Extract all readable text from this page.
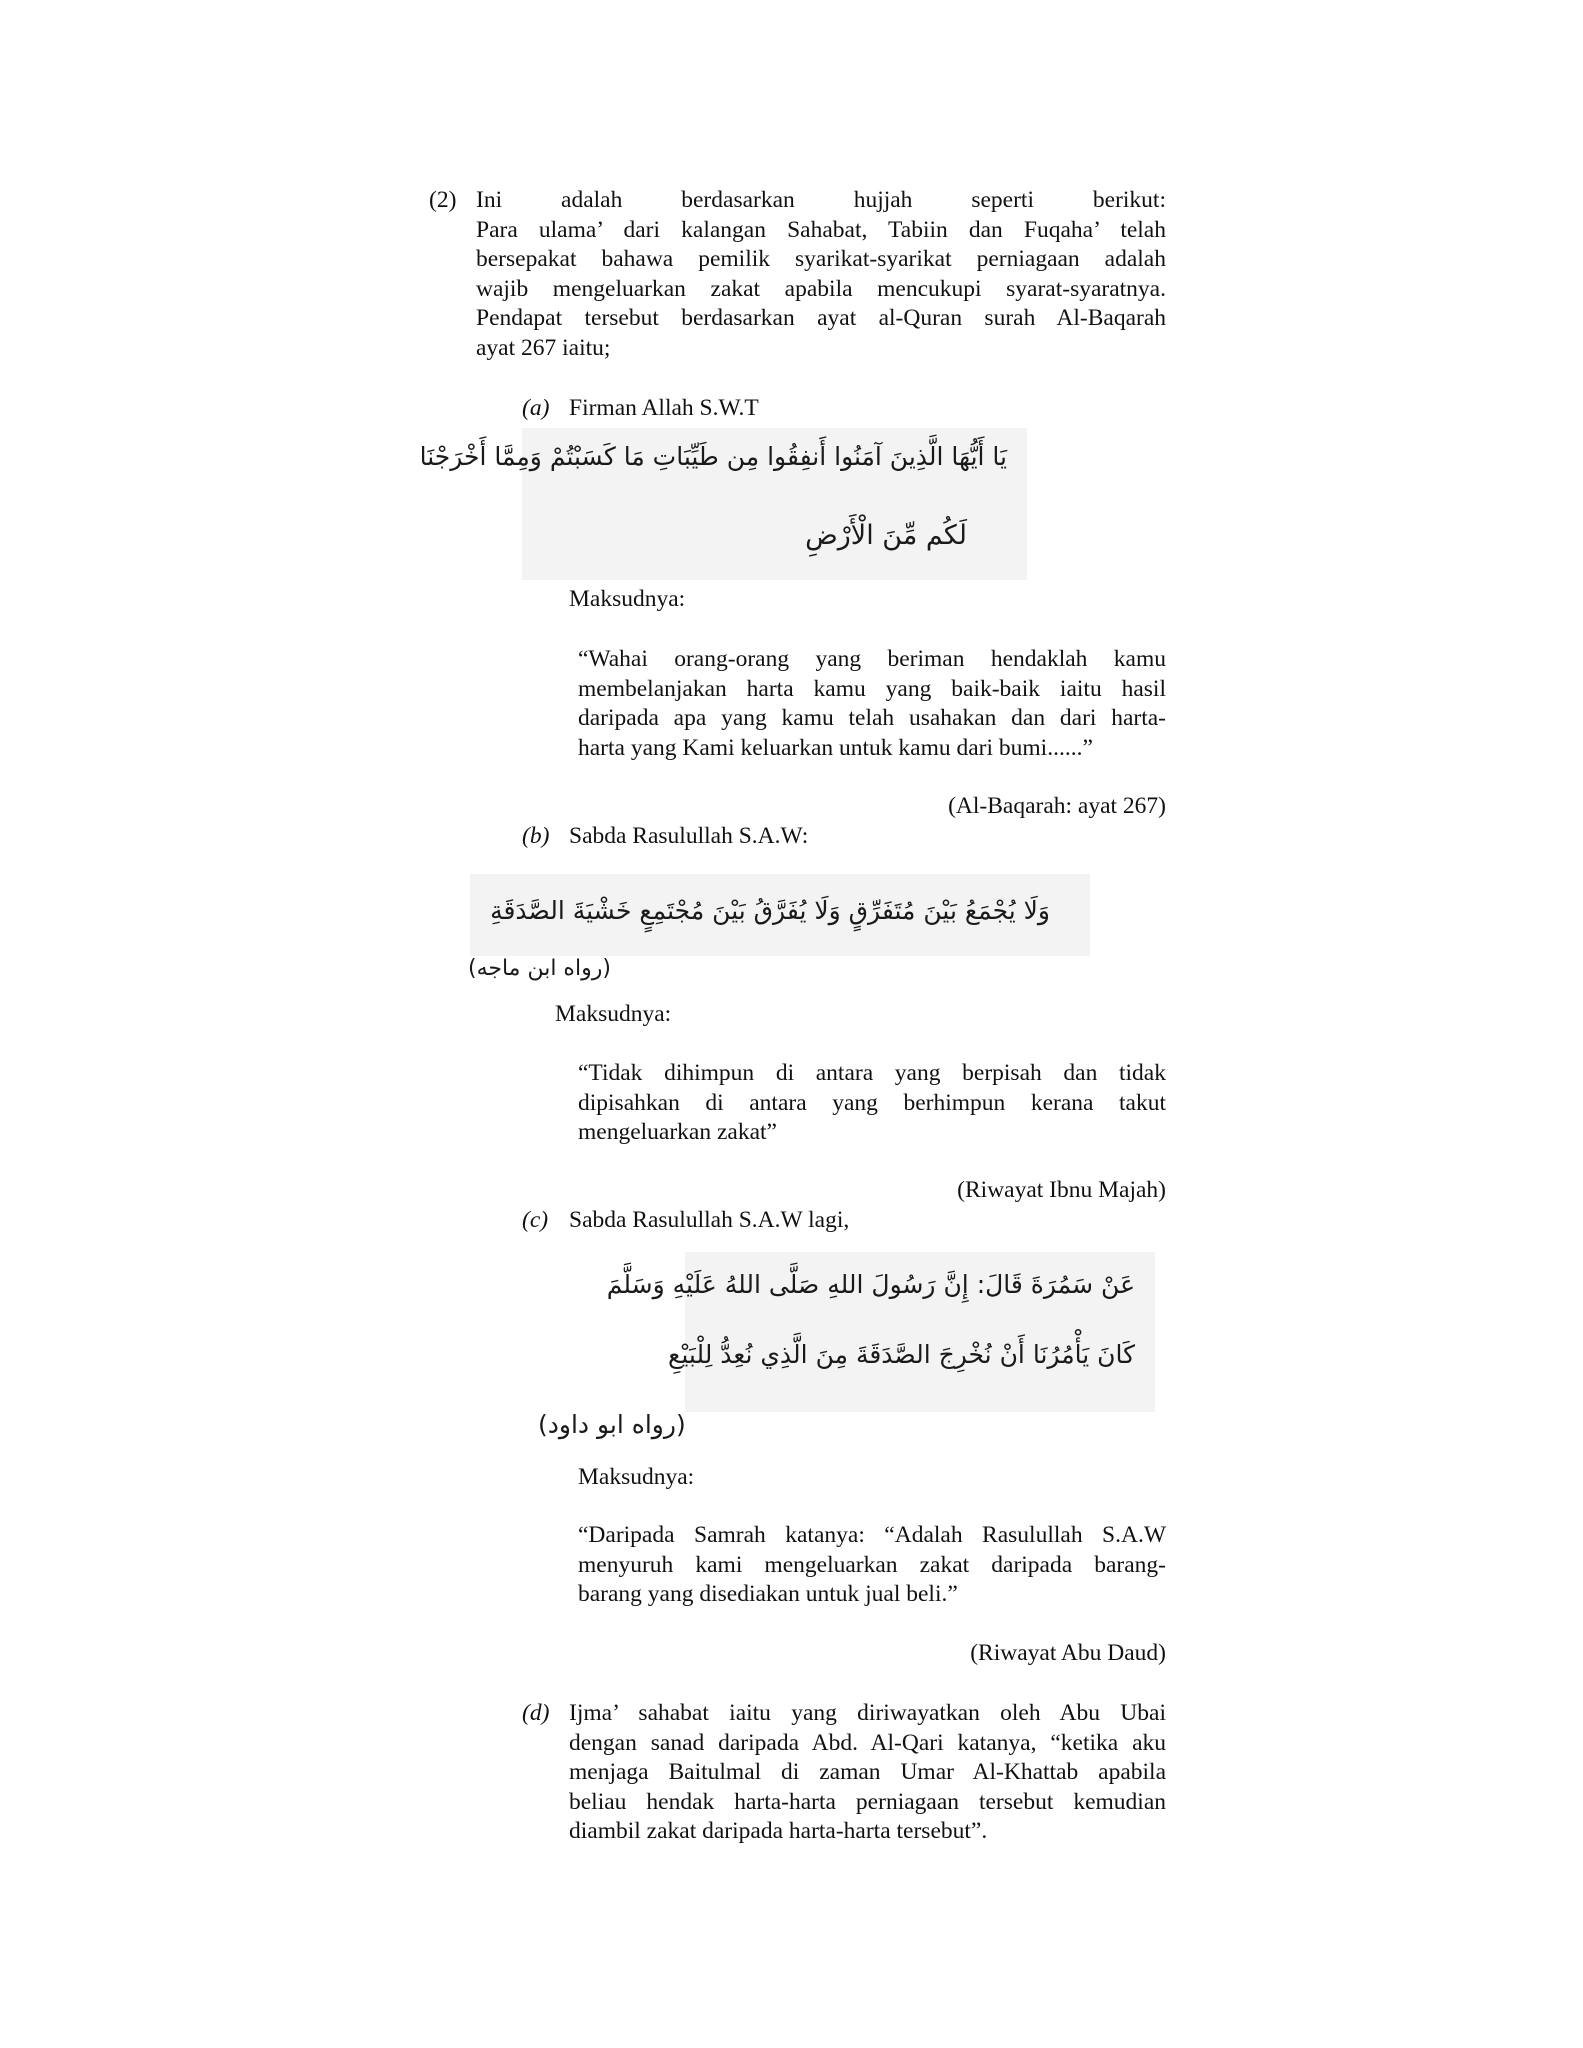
(2) Ini adalah berdasarkan hujjah seperti berikut:
Para ulama’ dari kalangan Sahabat, Tabiin dan Fuqaha’ telah
bersepakat bahawa pemilik syarikat-syarikat perniagaan adalah
wajib mengeluarkan zakat apabila mencukupi syarat-syaratnya.
Pendapat tersebut berdasarkan ayat al-Quran surah Al-Baqarah
ayat 267 iaitu;
(a) Firman Allah S.W.T
يَا أَيُّهَا الَّذِينَ آمَنُوا أَنفِقُوا مِن طَيِّبَاتِ مَا كَسَبْتُمْ وَمِمَّا أَخْرَجْنَا
لَكُم مِّنَ الْأَرْضِ
Maksudnya:
“Wahai orang-orang yang beriman hendaklah kamu
membelanjakan harta kamu yang baik-baik iaitu hasil
daripada apa yang kamu telah usahakan dan dari harta-
harta yang Kami keluarkan untuk kamu dari bumi......”
(Al-Baqarah: ayat 267)
(b) Sabda Rasulullah S.A.W:
وَلَا يُجْمَعُ بَيْنَ مُتَفَرِّقٍ وَلَا يُفَرَّقُ بَيْنَ مُجْتَمِعٍ خَشْيَةَ الصَّدَقَةِ
(رواه ابن ماجه)
Maksudnya:
“Tidak dihimpun di antara yang berpisah dan tidak
dipisahkan di antara yang berhimpun kerana takut
mengeluarkan zakat”
(Riwayat Ibnu Majah)
(c) Sabda Rasulullah S.A.W lagi,
عَنْ سَمُرَةَ قَالَ: إِنَّ رَسُولَ اللهِ صَلَّى اللهُ عَلَيْهِ وَسَلَّمَ
كَانَ يَأْمُرُنَا أَنْ نُخْرِجَ الصَّدَقَةَ مِنَ الَّذِي نُعِدُّ لِلْبَيْعِ
(رواه ابو داود)
Maksudnya:
“Daripada Samrah katanya: “Adalah Rasulullah S.A.W
menyuruh kami mengeluarkan zakat daripada barang-
barang yang disediakan untuk jual beli.”
(Riwayat Abu Daud)
(d) Ijma’ sahabat iaitu yang diriwayatkan oleh Abu Ubai
dengan sanad daripada Abd. Al-Qari katanya, “ketika aku
menjaga Baitulmal di zaman Umar Al-Khattab apabila
beliau hendak harta-harta perniagaan tersebut kemudian
diambil zakat daripada harta-harta tersebut”.
